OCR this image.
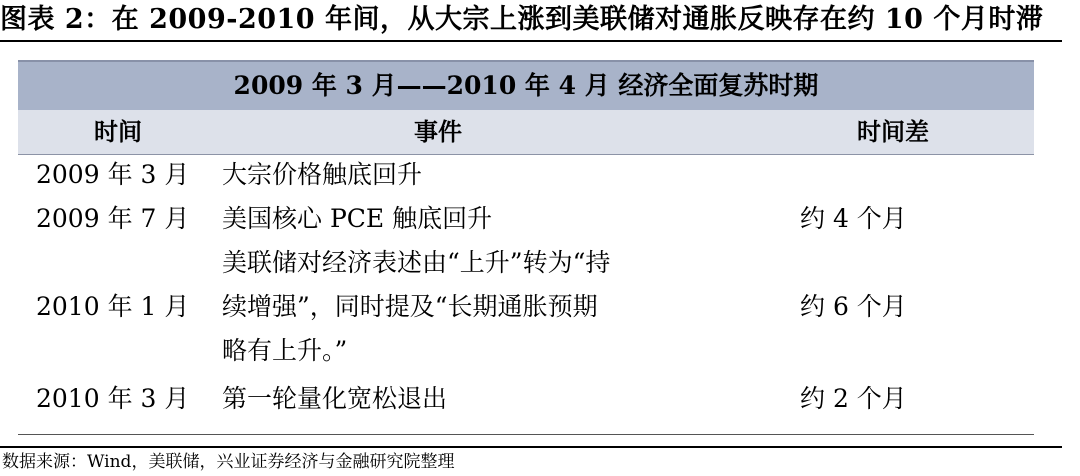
图表 2：在 2009-2010 年间，从大宗上涨到美联储对通胀反映存在约 10 个月时滞
2009 年 3 月——2010 年 4 月 经济全面复苏时期
时间	事件	时间差
2009 年 3 月 大宗价格触底回升
2009 年 7 月 美国核心 PCE 触底回升	约 4 个月
美联储对经济表述由“上升”转为“持
2010 年 1 月 续增强”，同时提及“长期通胀预期	约 6 个月
略有上升。”
2010 年 3 月 第一轮量化宽松退出	约 2 个月
数据来源：Wind，美联储，兴业证券经济与金融研究院整理
